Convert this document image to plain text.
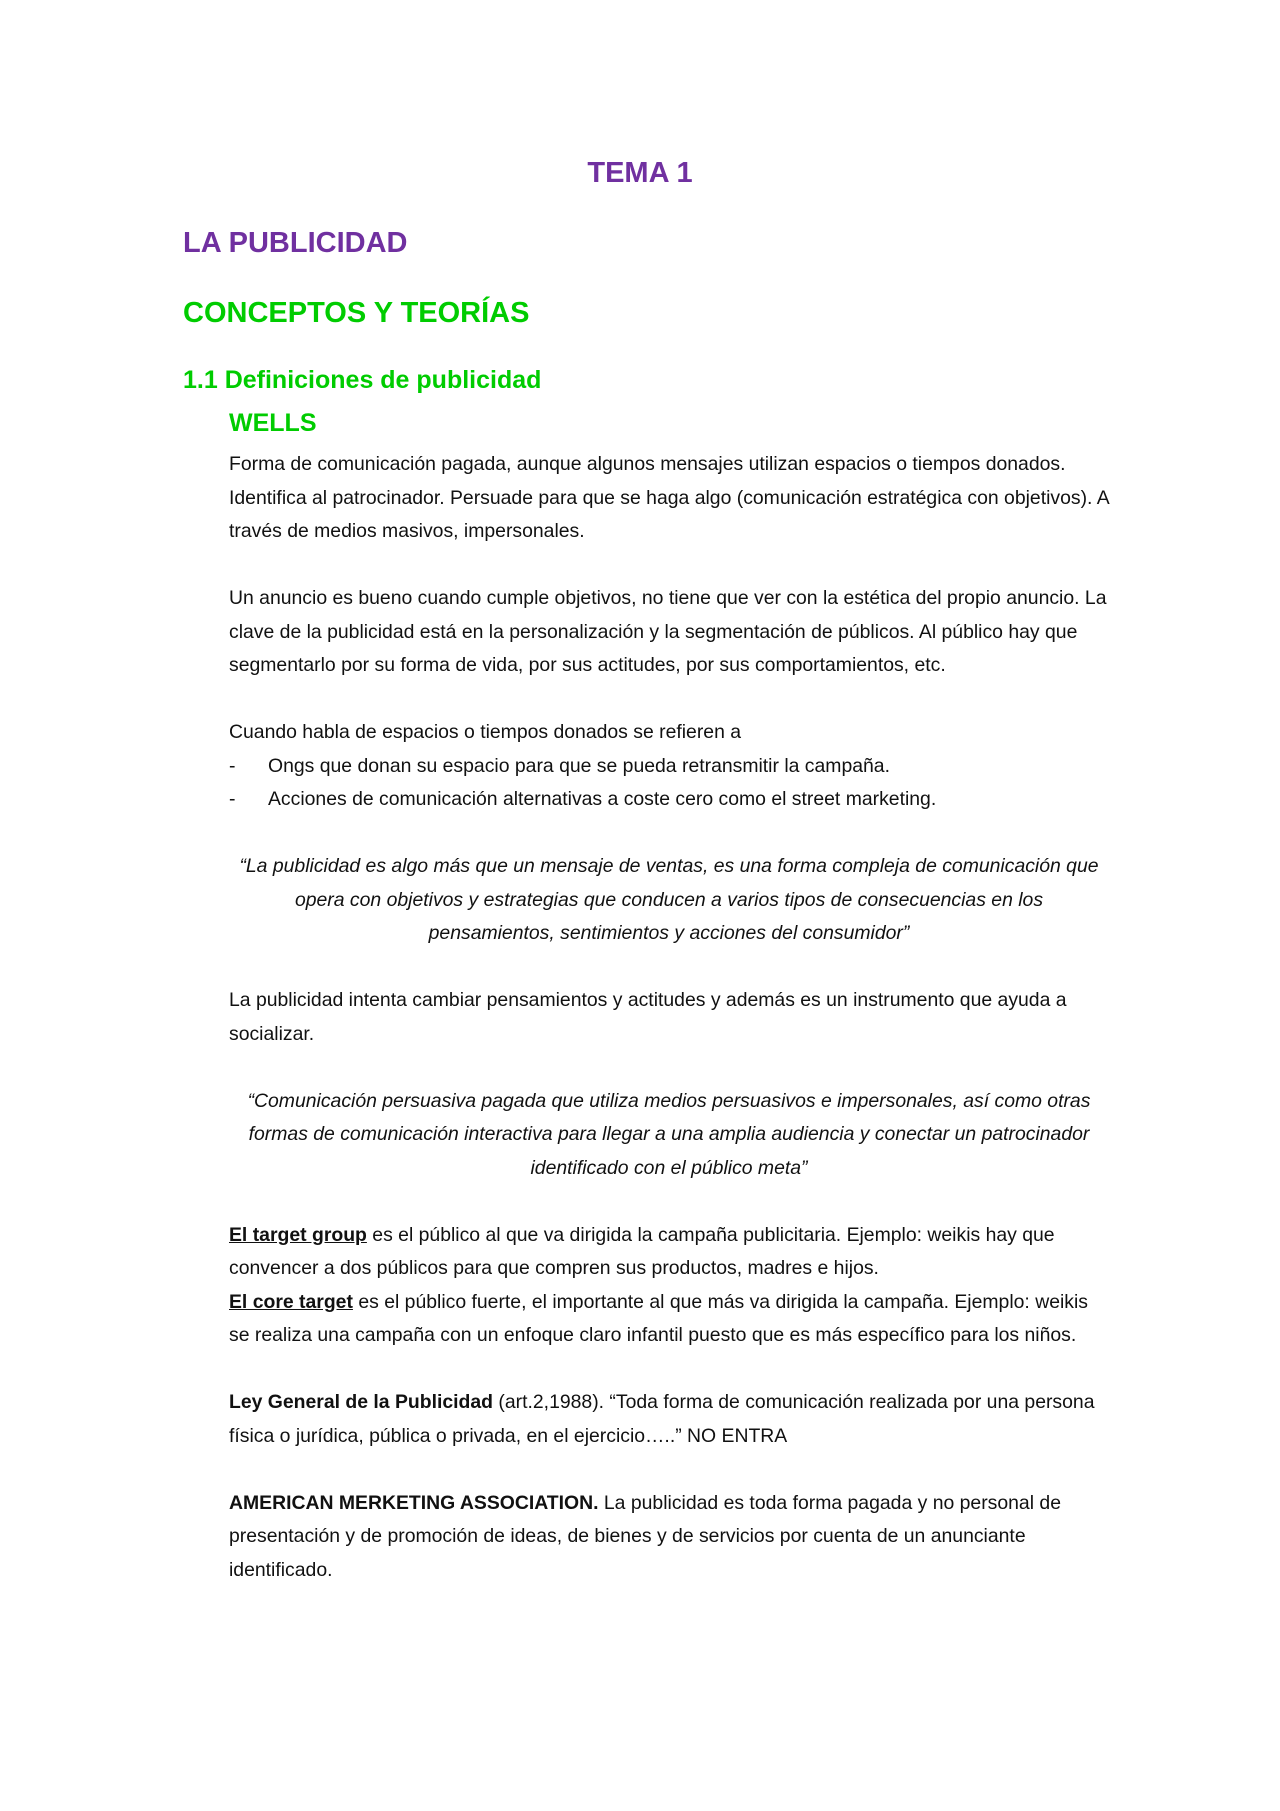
TEMA 1
LA PUBLICIDAD
CONCEPTOS Y TEORÍAS
1.1 Definiciones de publicidad
WELLS

Forma de comunicación pagada, aunque algunos mensajes utilizan espacios o tiempos donados. Identifica al patrocinador. Persuade para que se haga algo (comunicación estratégica con objetivos). A través de medios masivos, impersonales.

Un anuncio es bueno cuando cumple objetivos, no tiene que ver con la estética del propio anuncio. La clave de la publicidad está en la personalización y la segmentación de públicos. Al público hay que segmentarlo por su forma de vida, por sus actitudes, por sus comportamientos, etc.

Cuando habla de espacios o tiempos donados se refieren a

- Ongs que donan su espacio para que se pueda retransmitir la campaña.
- Acciones de comunicación alternativas a coste cero como el street marketing.

“La publicidad es algo más que un mensaje de ventas, es una forma compleja de comunicación que opera con objetivos y estrategias que conducen a varios tipos de consecuencias en los pensamientos, sentimientos y acciones del consumidor”

La publicidad intenta cambiar pensamientos y actitudes y además es un instrumento que ayuda a socializar.

“Comunicación persuasiva pagada que utiliza medios persuasivos e impersonales, así como otras formas de comunicación interactiva para llegar a una amplia audiencia y conectar un patrocinador identificado con el público meta”

El target group es el público al que va dirigida la campaña publicitaria. Ejemplo: weikis hay que convencer a dos públicos para que compren sus productos, madres e hijos.

El core target es el público fuerte, el importante al que más va dirigida la campaña. Ejemplo: weikis se realiza una campaña con un enfoque claro infantil puesto que es más específico para los niños.

Ley General de la Publicidad (art.2,1988). “Toda forma de comunicación realizada por una persona física o jurídica, pública o privada, en el ejercicio…..” NO ENTRA

AMERICAN MERKETING ASSOCIATION. La publicidad es toda forma pagada y no personal de presentación y de promoción de ideas, de bienes y de servicios por cuenta de un anunciante identificado.
